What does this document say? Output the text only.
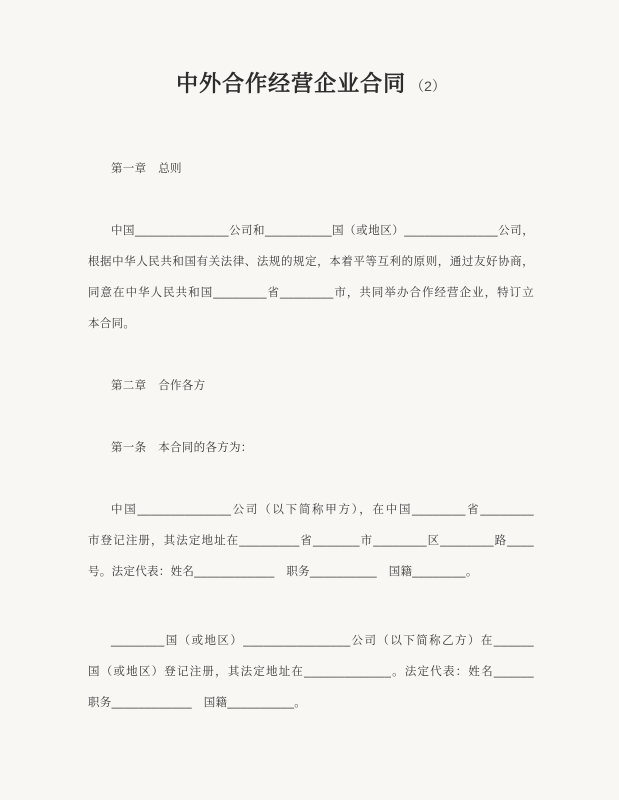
中外合作经营企业合同 （2）
第一章　总则
中国______________公司和__________国（或地区）______________公司，
根据中华人民共和国有关法律、法规的规定，本着平等互利的原则，通过友好协商，
同意在中华人民共和国________省________市，共同举办合作经营企业，特订立
本合同。
第二章　合作各方
第一条　本合同的各方为：
中国______________公司（以下简称甲方），在中国________省________
市登记注册，其法定地址在_________省_______市________区________路____
号。法定代表：姓名____________　职务__________　国籍________。
________国（或地区）________________公司（以下简称乙方）在______
国（或地区）登记注册，其法定地址在_____________。法定代表：姓名______
职务____________　国籍__________。
